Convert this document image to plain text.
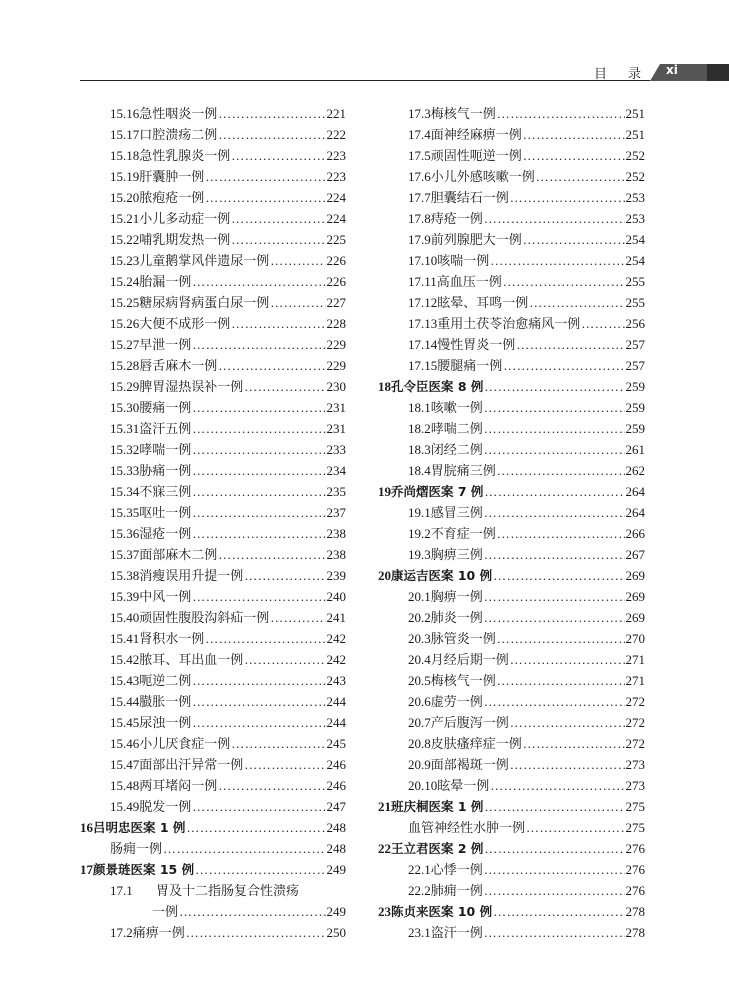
目 录 xi
15.16 急性咽炎一例 ……………………………………………………………………………………………………………………	221
15.17 口腔溃疡二例 ……………………………………………………………………………………………………………………	222
15.18 急性乳腺炎一例 ……………………………………………………………………………………………………………………	223
15.19 肝囊肿一例 ……………………………………………………………………………………………………………………	223
15.20 脓疱疮一例 ……………………………………………………………………………………………………………………	224
15.21 小儿多动症一例 ……………………………………………………………………………………………………………………	224
15.22 哺乳期发热一例 ……………………………………………………………………………………………………………………	225
15.23 儿童鹅掌风伴遗尿一例 ……………………………………………………………………………………………………………………	226
15.24 胎漏一例 ……………………………………………………………………………………………………………………	226
15.25 糖尿病肾病蛋白尿一例 ……………………………………………………………………………………………………………………	227
15.26 大便不成形一例 ……………………………………………………………………………………………………………………	228
15.27 早泄一例 ……………………………………………………………………………………………………………………	229
15.28 唇舌麻木一例 ……………………………………………………………………………………………………………………	229
15.29 脾胃湿热误补一例 ……………………………………………………………………………………………………………………	230
15.30 腰痛一例 ……………………………………………………………………………………………………………………	231
15.31 盗汗五例 ……………………………………………………………………………………………………………………	231
15.32 哮喘一例 ……………………………………………………………………………………………………………………	233
15.33 胁痛一例 ……………………………………………………………………………………………………………………	234
15.34 不寐三例 ……………………………………………………………………………………………………………………	235
15.35 呕吐一例 ……………………………………………………………………………………………………………………	237
15.36 湿疮一例 ……………………………………………………………………………………………………………………	238
15.37 面部麻木二例 ……………………………………………………………………………………………………………………	238
15.38 消瘦误用升提一例 ……………………………………………………………………………………………………………………	239
15.39 中风一例 ……………………………………………………………………………………………………………………	240
15.40 顽固性腹股沟斜疝一例 ……………………………………………………………………………………………………………………	241
15.41 肾积水一例 ……………………………………………………………………………………………………………………	242
15.42 脓耳、耳出血一例 ……………………………………………………………………………………………………………………	242
15.43 呃逆二例 ……………………………………………………………………………………………………………………	243
15.44 臌胀一例 ……………………………………………………………………………………………………………………	244
15.45 尿浊一例 ……………………………………………………………………………………………………………………	244
15.46 小儿厌食症一例 ……………………………………………………………………………………………………………………	245
15.47 面部出汗异常一例 ……………………………………………………………………………………………………………………	246
15.48 两耳堵闷一例 ……………………………………………………………………………………………………………………	246
15.49 脱发一例 ……………………………………………………………………………………………………………………	247
16 吕明忠医案 1 例 ……………………………………………………………………………………………………………………	248
肠痈一例 ……………………………………………………………………………………………………………………	248
17 颜景琏医案 15 例 ……………………………………………………………………………………………………………………	249
17.1	胃及十二指肠复合性溃疡
一例 ……………………………………………………………………………………………………………………	249
17.2 痛痹一例 ……………………………………………………………………………………………………………………	250
17.3 梅核气一例 ……………………………………………………………………………………………………………………	251
17.4 面神经麻痹一例 ……………………………………………………………………………………………………………………	251
17.5 顽固性呃逆一例 ……………………………………………………………………………………………………………………	252
17.6 小儿外感咳嗽一例 ……………………………………………………………………………………………………………………	252
17.7 胆囊结石一例 ……………………………………………………………………………………………………………………	253
17.8 痔疮一例 ……………………………………………………………………………………………………………………	253
17.9 前列腺肥大一例 ……………………………………………………………………………………………………………………	254
17.10 咳喘一例 ……………………………………………………………………………………………………………………	254
17.11 高血压一例 ……………………………………………………………………………………………………………………	255
17.12 眩晕、耳鸣一例 ……………………………………………………………………………………………………………………	255
17.13 重用土茯苓治愈痛风一例 ……………………………………………………………………………………………………………………	256
17.14 慢性胃炎一例 ……………………………………………………………………………………………………………………	257
17.15 腰腿痛一例 ……………………………………………………………………………………………………………………	257
18 孔令臣医案 8 例 ……………………………………………………………………………………………………………………	259
18.1 咳嗽一例 ……………………………………………………………………………………………………………………	259
18.2 哮喘二例 ……………………………………………………………………………………………………………………	259
18.3 闭经二例 ……………………………………………………………………………………………………………………	261
18.4 胃脘痛三例 ……………………………………………………………………………………………………………………	262
19 乔尚熠医案 7 例 ……………………………………………………………………………………………………………………	264
19.1 感冒三例 ……………………………………………………………………………………………………………………	264
19.2 不育症一例 ……………………………………………………………………………………………………………………	266
19.3 胸痹三例 ……………………………………………………………………………………………………………………	267
20 康运吉医案 10 例 ……………………………………………………………………………………………………………………	269
20.1 胸痹一例 ……………………………………………………………………………………………………………………	269
20.2 肺炎一例 ……………………………………………………………………………………………………………………	269
20.3 脉管炎一例 ……………………………………………………………………………………………………………………	270
20.4 月经后期一例 ……………………………………………………………………………………………………………………	271
20.5 梅核气一例 ……………………………………………………………………………………………………………………	271
20.6 虚劳一例 ……………………………………………………………………………………………………………………	272
20.7 产后腹泻一例 ……………………………………………………………………………………………………………………	272
20.8 皮肤瘙痒症一例 ……………………………………………………………………………………………………………………	272
20.9 面部褐斑一例 ……………………………………………………………………………………………………………………	273
20.10 眩晕一例 ……………………………………………………………………………………………………………………	273
21 班庆桐医案 1 例 ……………………………………………………………………………………………………………………	275
血管神经性水肿一例 ……………………………………………………………………………………………………………………	275
22 王立君医案 2 例 ……………………………………………………………………………………………………………………	276
22.1 心悸一例 ……………………………………………………………………………………………………………………	276
22.2 肺痈一例 ……………………………………………………………………………………………………………………	276
23 陈贞来医案 10 例 ……………………………………………………………………………………………………………………	278
23.1 盗汗一例 ……………………………………………………………………………………………………………………	278
